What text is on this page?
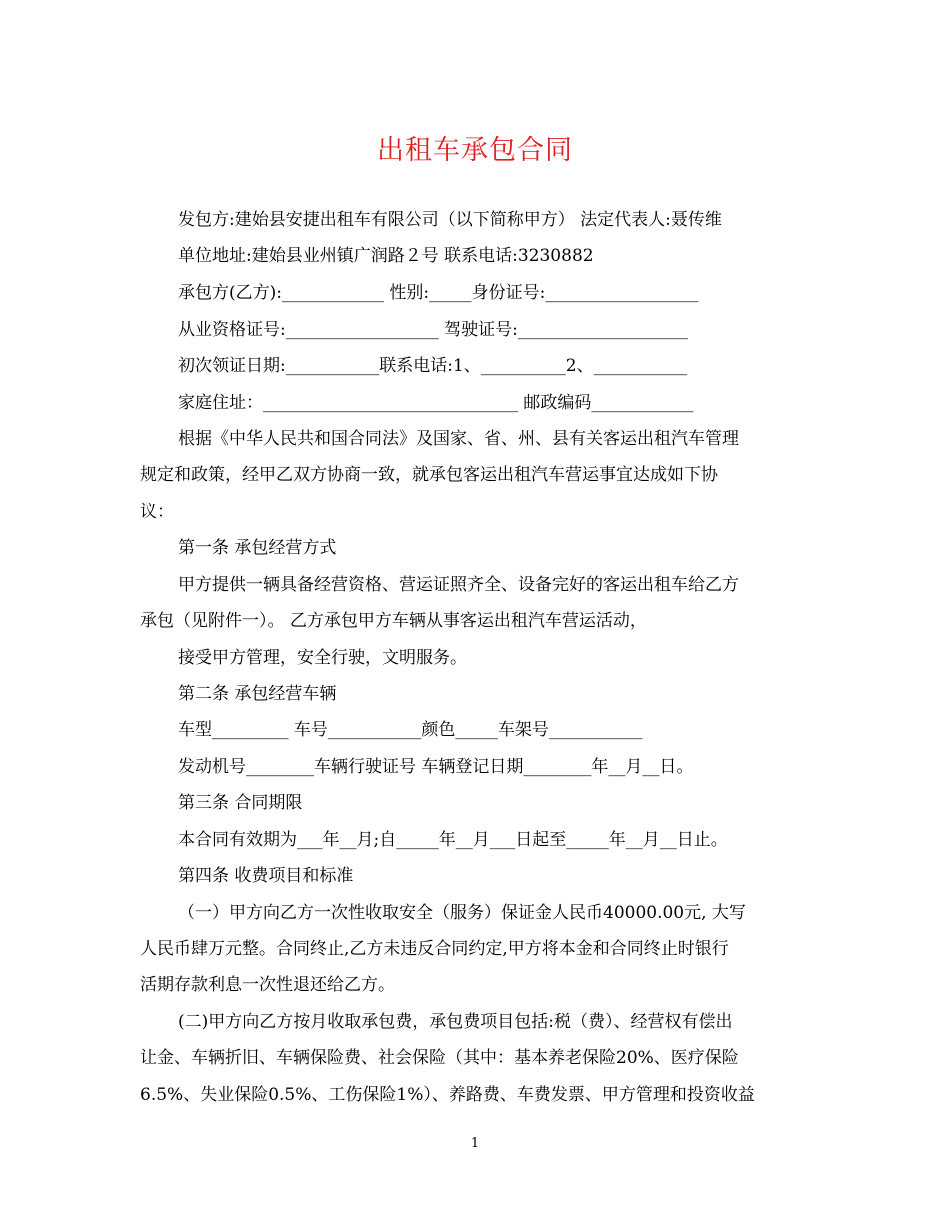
出租车承包合同
发包方:建始县安捷出租车有限公司（以下简称甲方） 法定代表人:聂传维
单位地址:建始县业州镇广润路２号 联系电话:3230882
承包方(乙方):____________ 性别:_____身份证号:__________________
从业资格证号:__________________ 驾驶证号:____________________
初次领证日期:___________联系电话:1、__________2、___________
家庭住址：______________________________ 邮政编码____________
根据《中华人民共和国合同法》及国家、省、州、县有关客运出租汽车管理
规定和政策，经甲乙双方协商一致，就承包客运出租汽车营运事宜达成如下协
议：
第一条 承包经营方式
甲方提供一辆具备经营资格、营运证照齐全、设备完好的客运出租车给乙方
承包（见附件一）。 乙方承包甲方车辆从事客运出租汽车营运活动，
接受甲方管理，安全行驶，文明服务。
第二条 承包经营车辆
车型_________ 车号___________颜色_____车架号___________
发动机号________车辆行驶证号 车辆登记日期________年__月__日。
第三条 合同期限
本合同有效期为___年__月;自_____年__月___日起至_____年__月__日止。
第四条 收费项目和标准
（一）甲方向乙方一次性收取安全（服务）保证金人民币40000.00元, 大写
人民币肆万元整。合同终止,乙方未违反合同约定,甲方将本金和合同终止时银行
活期存款利息一次性退还给乙方。
(二)甲方向乙方按月收取承包费，承包费项目包括:税（费）、经营权有偿出
让金、车辆折旧、车辆保险费、社会保险（其中：基本养老保险20%、医疗保险
6.5%、失业保险0.5%、工伤保险1%）、养路费、车费发票、甲方管理和投资收益
1
